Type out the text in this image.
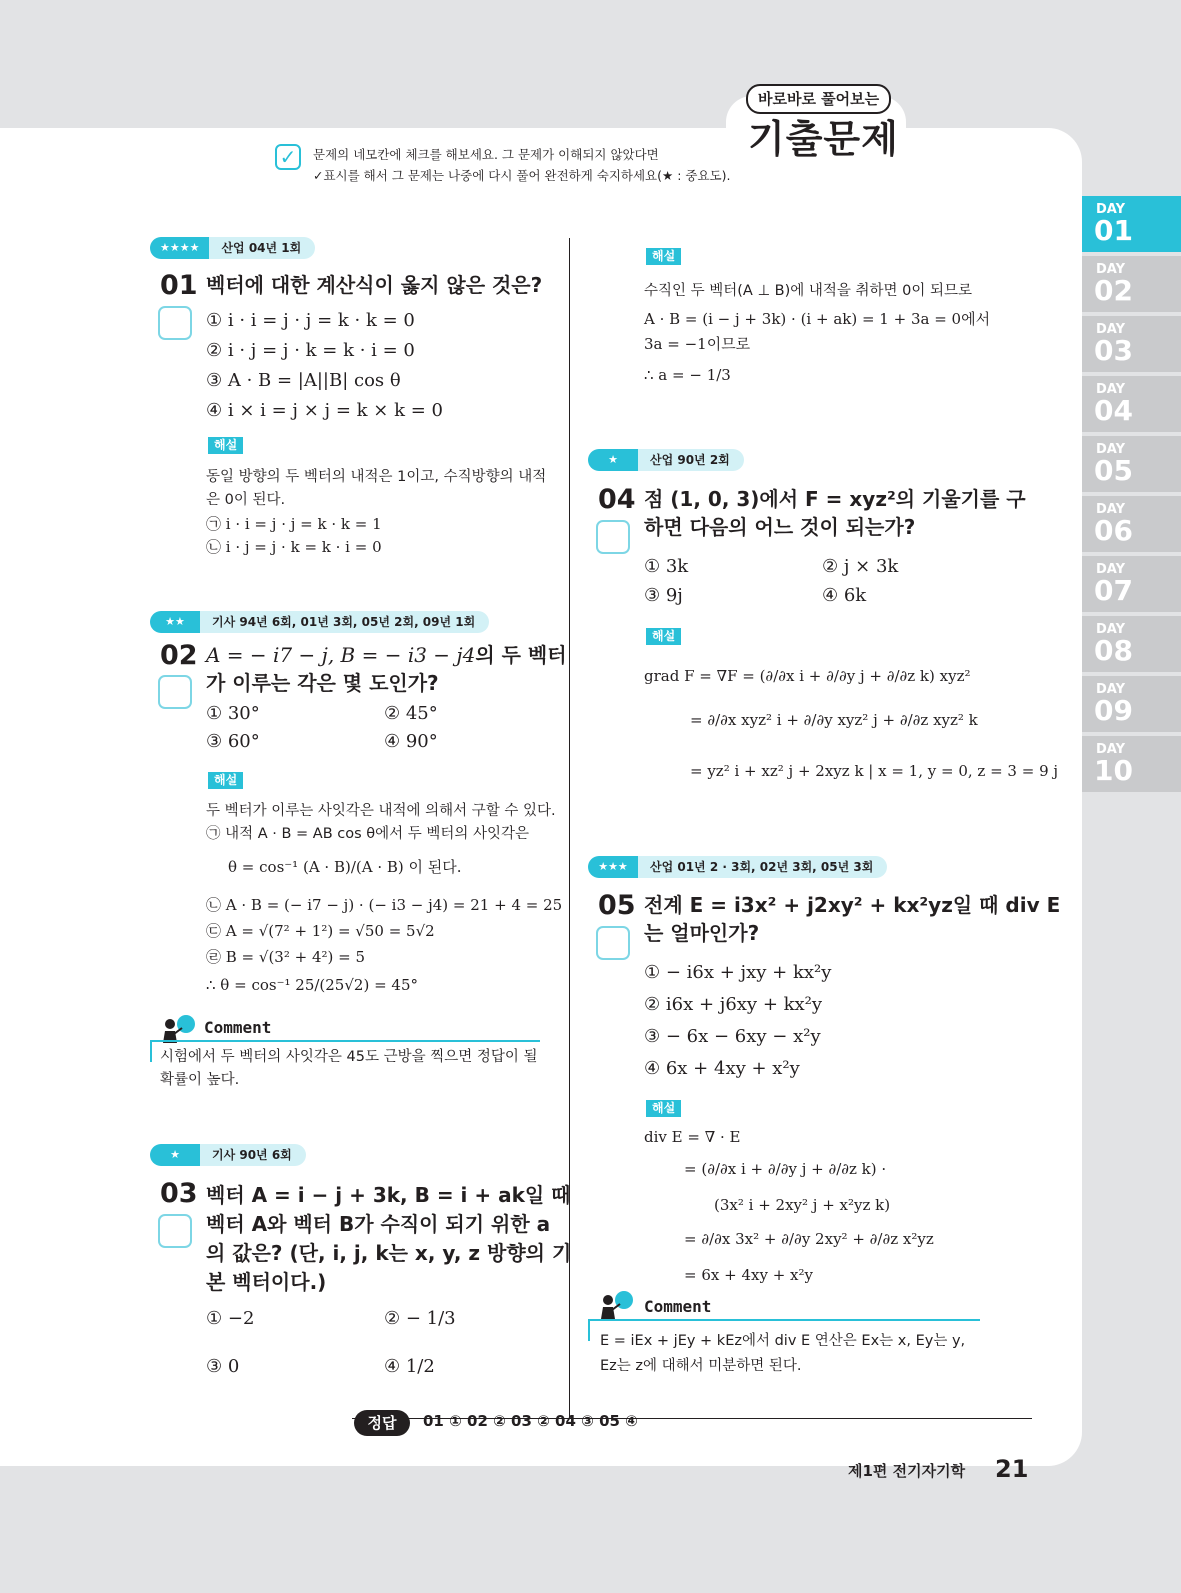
바로바로 풀어보는
기출문제
✓	문제의 네모칸에 체크를 해보세요. 그 문제가 이해되지 않았다면
✓표시를 해서 그 문제는 나중에 다시 풀어 완전하게 숙지하세요(★ : 중요도).
DAY
01
DAY
02
DAY
03
DAY
04
DAY
05
DAY
06
DAY
07
DAY
08
DAY
09
DAY
10
★★★★	산업 04년 1회
01 벡터에 대한 계산식이 옳지 않은 것은?
① i · i = j · j = k · k = 0
② i · j = j · k = k · i = 0
③ A · B = |A||B| cos θ
④ i × i = j × j = k × k = 0
해설
동일 방향의 두 벡터의 내적은 1이고, 수직방향의 내적
은 0이 된다.
㉠ i · i = j · j = k · k = 1
㉡ i · j = j · k = k · i = 0
★★	기사 94년 6회, 01년 3회, 05년 2회, 09년 1회
02 A = − i7 − j, B = − i3 − j4의 두 벡터
가 이루는 각은 몇 도인가?
① 30°	② 45°
③ 60°	④ 90°
해설
두 벡터가 이루는 사잇각은 내적에 의해서 구할 수 있다.
㉠ 내적 A · B = AB cos θ에서 두 벡터의 사잇각은
θ = cos⁻¹ (A · B)/(A · B) 이 된다.
㉡ A · B = (− i7 − j) · (− i3 − j4) = 21 + 4 = 25
㉢ A = √(7² + 1²) = √50 = 5√2
㉣ B = √(3² + 4²) = 5
∴ θ = cos⁻¹ 25/(25√2) = 45°
Comment
시험에서 두 벡터의 사잇각은 45도 근방을 찍으면 정답이 될
확률이 높다.
★	기사 90년 6회
03 벡터 A = i − j + 3k, B = i + ak일 때
벡터 A와 벡터 B가 수직이 되기 위한 a
의 값은? (단, i, j, k는 x, y, z 방향의 기
본 벡터이다.)
① −2	② − 1/3
③ 0	④ 1/2
해설
수직인 두 벡터(A ⊥ B)에 내적을 취하면 0이 되므로
A · B = (i − j + 3k) · (i + ak) = 1 + 3a = 0에서
3a = −1이므로
∴ a = − 1/3
★	산업 90년 2회
04 점 (1, 0, 3)에서 F = xyz²의 기울기를 구
하면 다음의 어느 것이 되는가?
① 3k	② j × 3k
③ 9j	④ 6k
해설
grad F = ∇F = (∂/∂x i + ∂/∂y j + ∂/∂z k) xyz²
= ∂/∂x xyz² i + ∂/∂y xyz² j + ∂/∂z xyz² k
= yz² i + xz² j + 2xyz k | x = 1, y = 0, z = 3 = 9 j
★★★	산업 01년 2 · 3회, 02년 3회, 05년 3회
05 전계 E = i3x² + j2xy² + kx²yz일 때 div E
는 얼마인가?
① − i6x + jxy + kx²y
② i6x + j6xy + kx²y
③ − 6x − 6xy − x²y
④ 6x + 4xy + x²y
해설
div E = ∇ · E
= (∂/∂x i + ∂/∂y j + ∂/∂z k) ·
(3x² i + 2xy² j + x²yz k)
= ∂/∂x 3x² + ∂/∂y 2xy² + ∂/∂z x²yz
= 6x + 4xy + x²y
Comment
E = iEx + jEy + kEz에서 div E 연산은 Ex는 x, Ey는 y,
Ez는 z에 대해서 미분하면 된다.
정답	01 ① 02 ② 03 ② 04 ③ 05 ④
제1편 전기자기학 21
